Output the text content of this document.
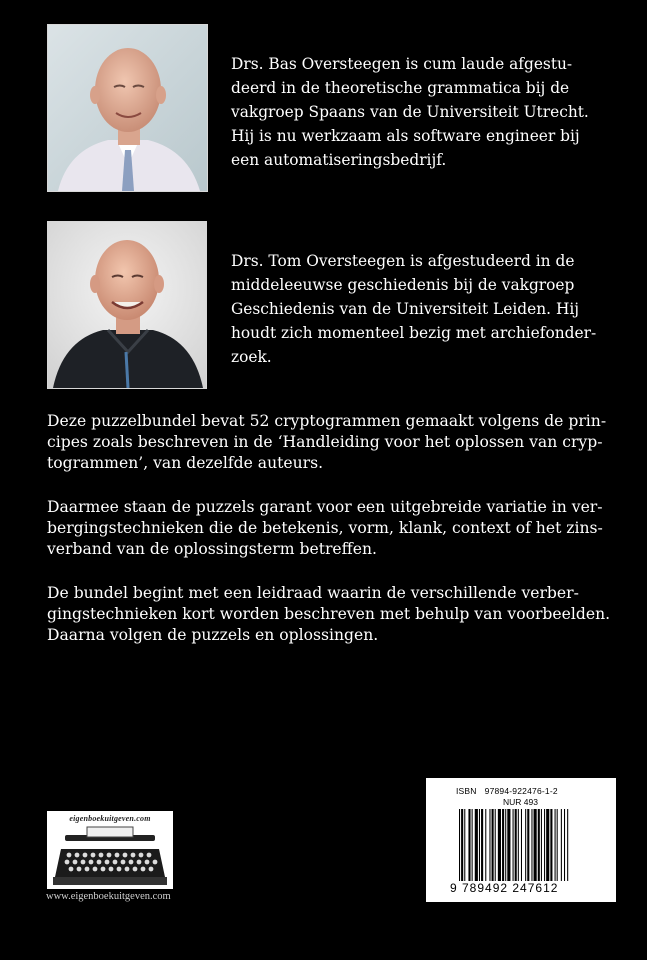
Drs. Bas Oversteegen is cum laude afgestu-
deerd in de theoretische grammatica bij de
vakgroep Spaans van de Universiteit Utrecht.
Hij is nu werkzaam als software engineer bij
een automatiseringsbedrijf.

Drs. Tom Oversteegen is afgestudeerd in de
middeleeuwse geschiedenis bij de vakgroep
Geschiedenis van de Universiteit Leiden. Hij
houdt zich momenteel bezig met archiefonder-
zoek.

Deze puzzelbundel bevat 52 cryptogrammen gemaakt volgens de prin-
cipes zoals beschreven in de ‘Handleiding voor het oplossen van cryp-
togrammen’, van dezelfde auteurs.

Daarmee staan de puzzels garant voor een uitgebreide variatie in ver-
bergingstechnieken die de betekenis, vorm, klank, context of het zins-
verband van de oplossingsterm betreffen.

De bundel begint met een leidraad waarin de verschillende verber-
gingstechnieken kort worden beschreven met behulp van voorbeelden.
Daarna volgen de puzzels en oplossingen.

eigenboekuitgeven.com
www.eigenboekuitgeven.com
ISBN 97894-922476-1-2
NUR 493
9 789492 247612
